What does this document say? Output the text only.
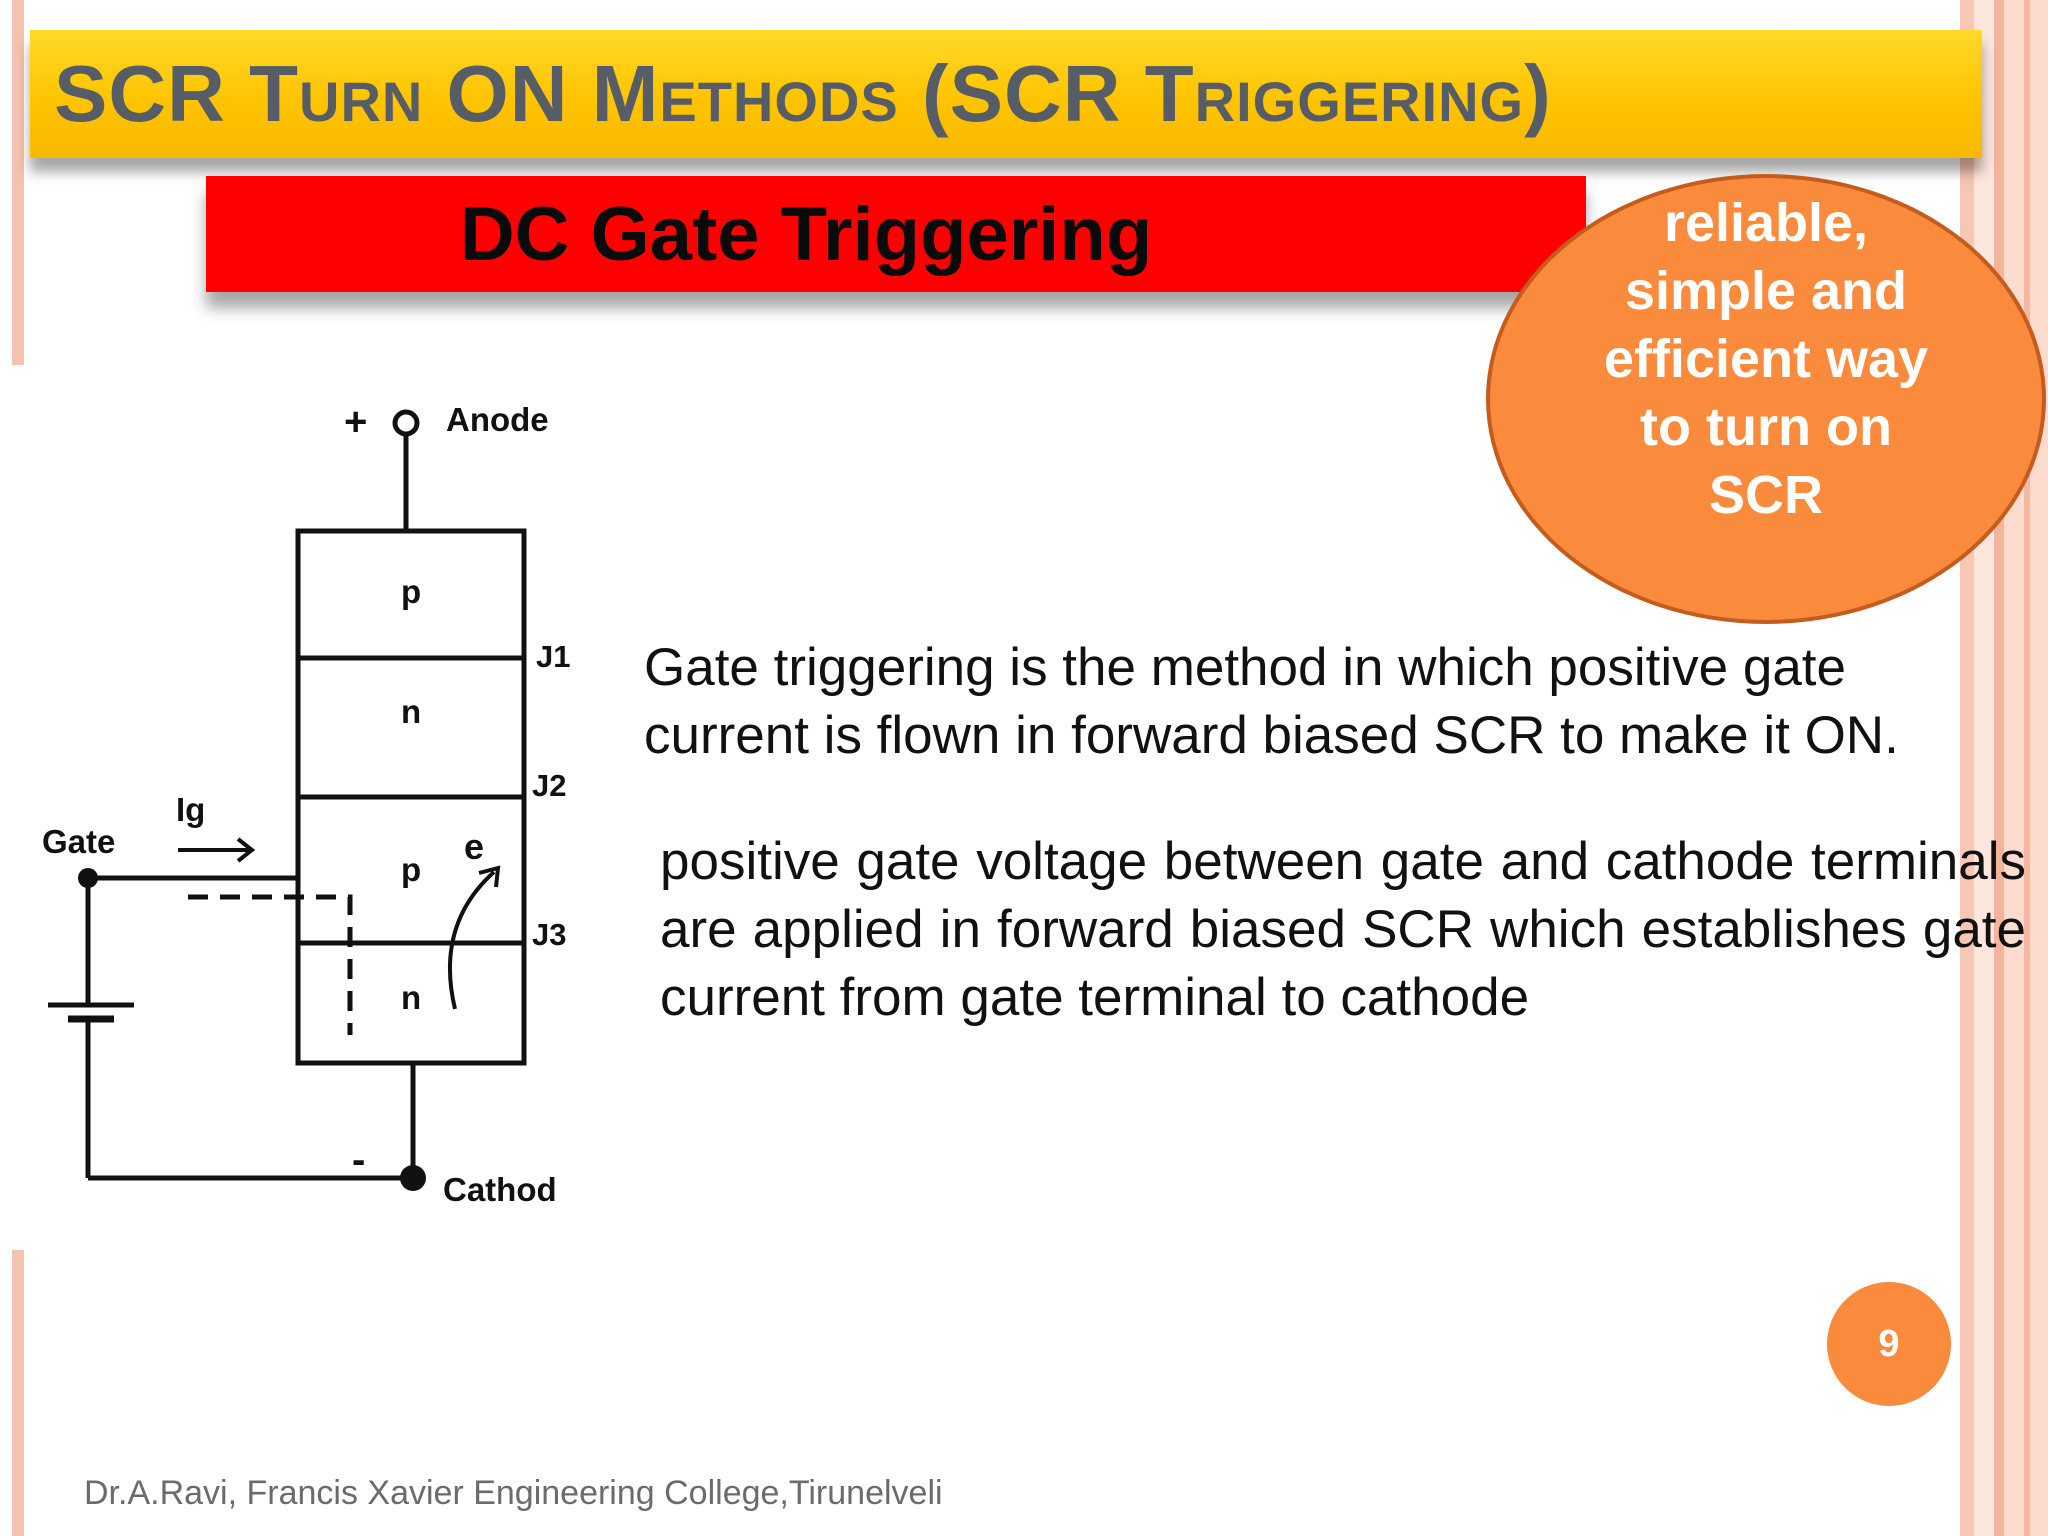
SCR Turn ON Methods (SCR Triggering)
DC Gate Triggering	reliable, simple and efficient way to turn on SCR
+ Anode
-
Cathod
Gate
Ig
e
p
n
p
n
J1
J2
J3
Gate triggering is the method in which positive gate current is flown in forward biased SCR to make it ON.
positive gate voltage between gate and cathode terminals are applied in forward biased SCR which establishes gate current from gate terminal to cathode
9
Dr.A.Ravi, Francis Xavier Engineering College,Tirunelveli
